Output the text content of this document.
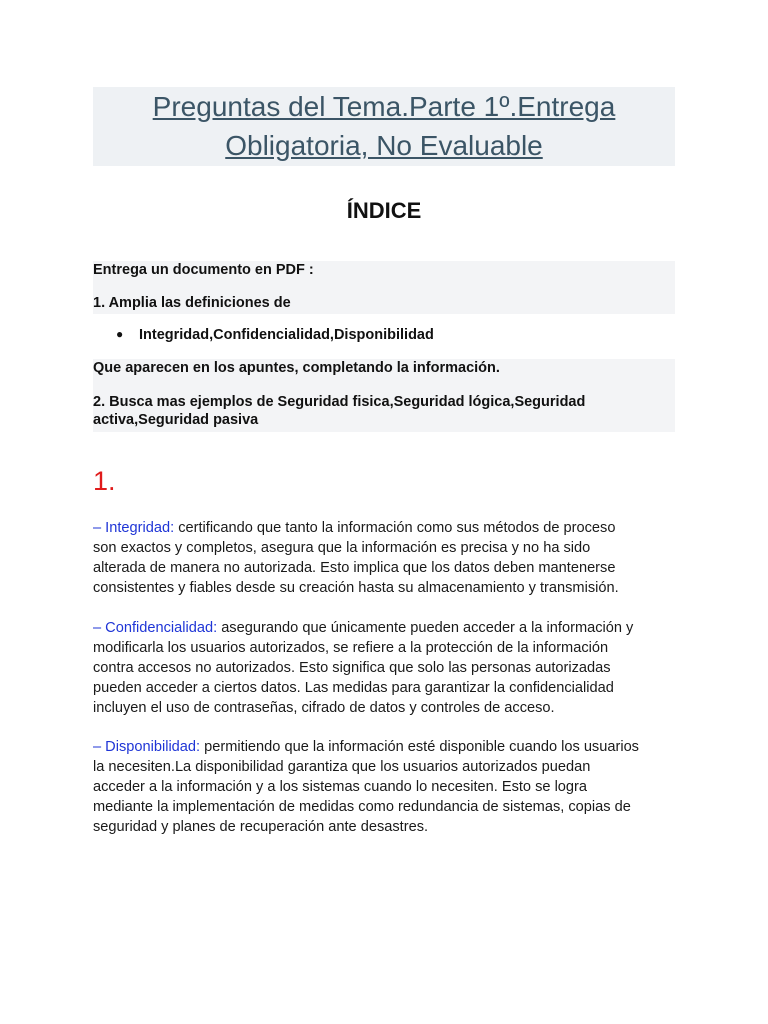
Preguntas del Tema.Parte 1º.Entrega
Obligatoria, No Evaluable
ÍNDICE
Entrega un documento en PDF :
1. Amplia las definiciones de
● Integridad,Confidencialidad,Disponibilidad
Que aparecen en los apuntes, completando la información.
2. Busca mas ejemplos de Seguridad fisica,Seguridad lógica,Seguridad
activa,Seguridad pasiva
1.
– Integridad: certificando que tanto la información como sus métodos de proceso
son exactos y completos, asegura que la información es precisa y no ha sido
alterada de manera no autorizada. Esto implica que los datos deben mantenerse
consistentes y fiables desde su creación hasta su almacenamiento y transmisión.
– Confidencialidad: asegurando que únicamente pueden acceder a la información y
modificarla los usuarios autorizados, se refiere a la protección de la información
contra accesos no autorizados. Esto significa que solo las personas autorizadas
pueden acceder a ciertos datos. Las medidas para garantizar la confidencialidad
incluyen el uso de contraseñas, cifrado de datos y controles de acceso.
– Disponibilidad: permitiendo que la información esté disponible cuando los usuarios
la necesiten.La disponibilidad garantiza que los usuarios autorizados puedan
acceder a la información y a los sistemas cuando lo necesiten. Esto se logra
mediante la implementación de medidas como redundancia de sistemas, copias de
seguridad y planes de recuperación ante desastres.
